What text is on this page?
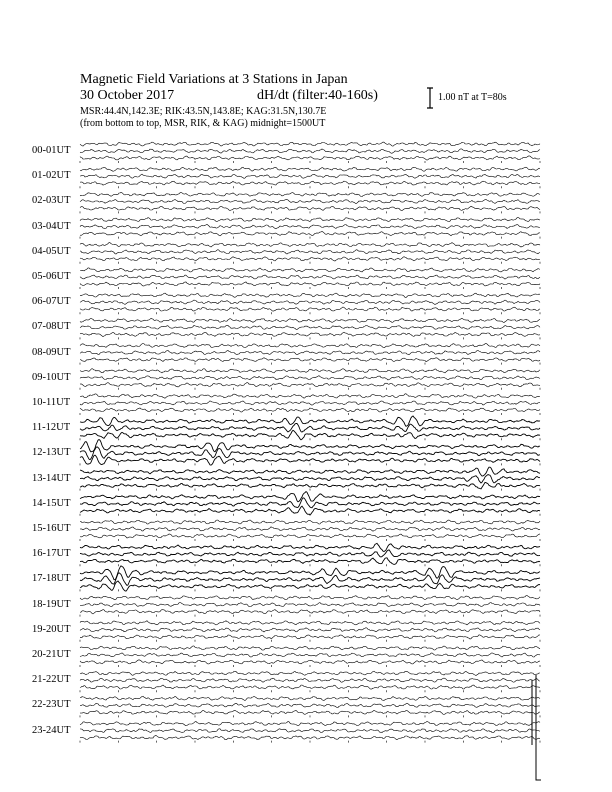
Magnetic Field Variations at 3 Stations in Japan
30 October 2017	dH/dt (filter:40-160s)
MSR:44.4N,142.3E; RIK:43.5N,143.8E; KAG:31.5N,130.7E
(from bottom to top, MSR, RIK, & KAG) midnight=1500UT
1.00 nT at T=80s
00-01UT
01-02UT
02-03UT
03-04UT
04-05UT
05-06UT
06-07UT
07-08UT
08-09UT
09-10UT
10-11UT
11-12UT
12-13UT
13-14UT
14-15UT
15-16UT
16-17UT
17-18UT
18-19UT
19-20UT
20-21UT
21-22UT
22-23UT
23-24UT
